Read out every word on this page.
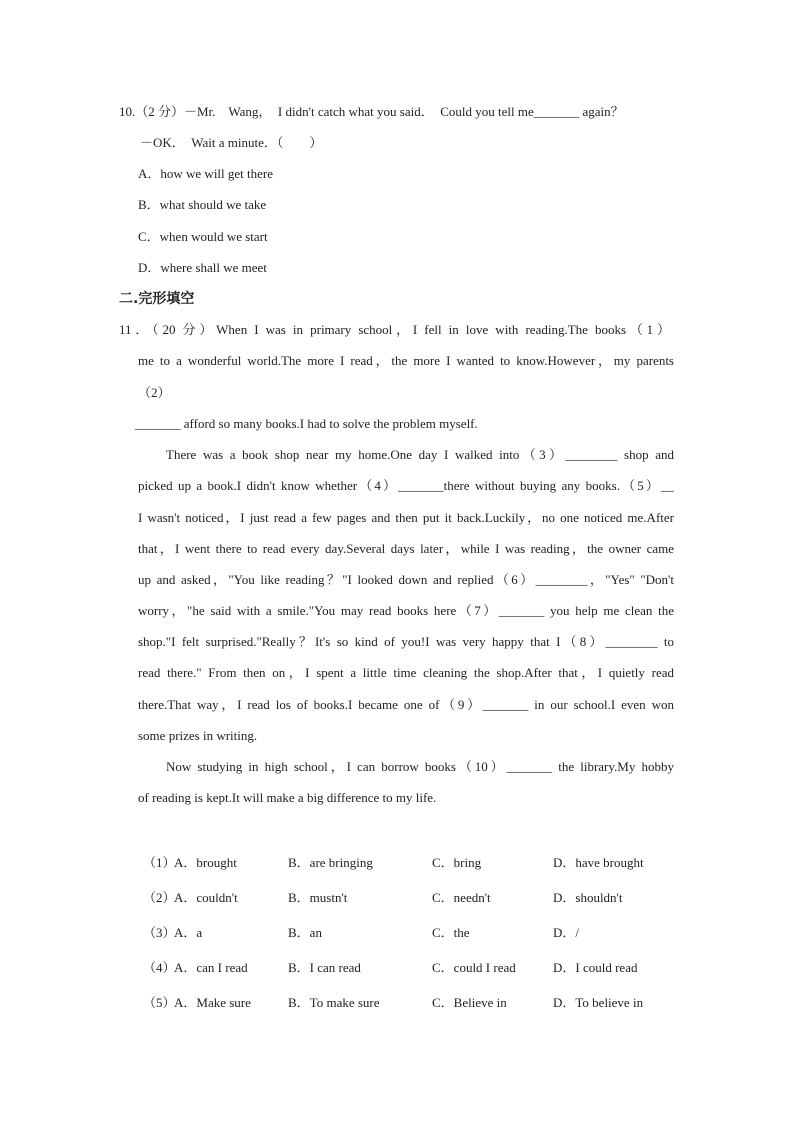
10.（2 分）－Mr.　Wang，　I didn't catch what you said．　Could you tell me_______ again？
－OK．　Wait a minute．（　　）
A．how we will get there
B．what should we take
C．when would we start
D．where shall we meet
二.完形填空
11．（20 分）When I was in primary school，I fell in love with reading.The books（1）
me to a wonderful world.The more I read，the more I wanted to know.However，my parents
（2）
_______ afford so many books.I had to solve the problem myself.
There was a book shop near my home.One day I walked into（3）________ shop and
picked up a book.I didn't know whether（4）_______there without buying any books.（5）__
I wasn't noticed，I just read a few pages and then put it back.Luckily，no one noticed me.After
that，I went there to read every day.Several days later，while I was reading，the owner came
up and asked，"You like reading？"I looked down and replied（6）________，"Yes" "Don't
worry，"he said with a smile."You may read books here（7）_______ you help me clean the
shop."I felt surprised."Really？It's so kind of you!I was very happy that I（8）________ to
read there." From then on，I spent a little time cleaning the shop.After that，I quietly read
there.That way，I read los of books.I became one of（9）_______ in our school.I even won
some prizes in writing.
Now studying in high school，I can borrow books（10）_______ the library.My hobby
of reading is kept.It will make a big difference to my life.

（1）

A．brought

	B．are bringing

	C．bring

	D．have brought

（2）

A．couldn't

	B．mustn't

	C．needn't

	D．shouldn't

（3）

A．a

	B．an

	C．the

	D．/

（4）

A．can I read

	B．I can read

	C．could I read

	D．I could read

（5）

A．Make sure

	B．To make sure

	C．Believe in

	D．To believe in
